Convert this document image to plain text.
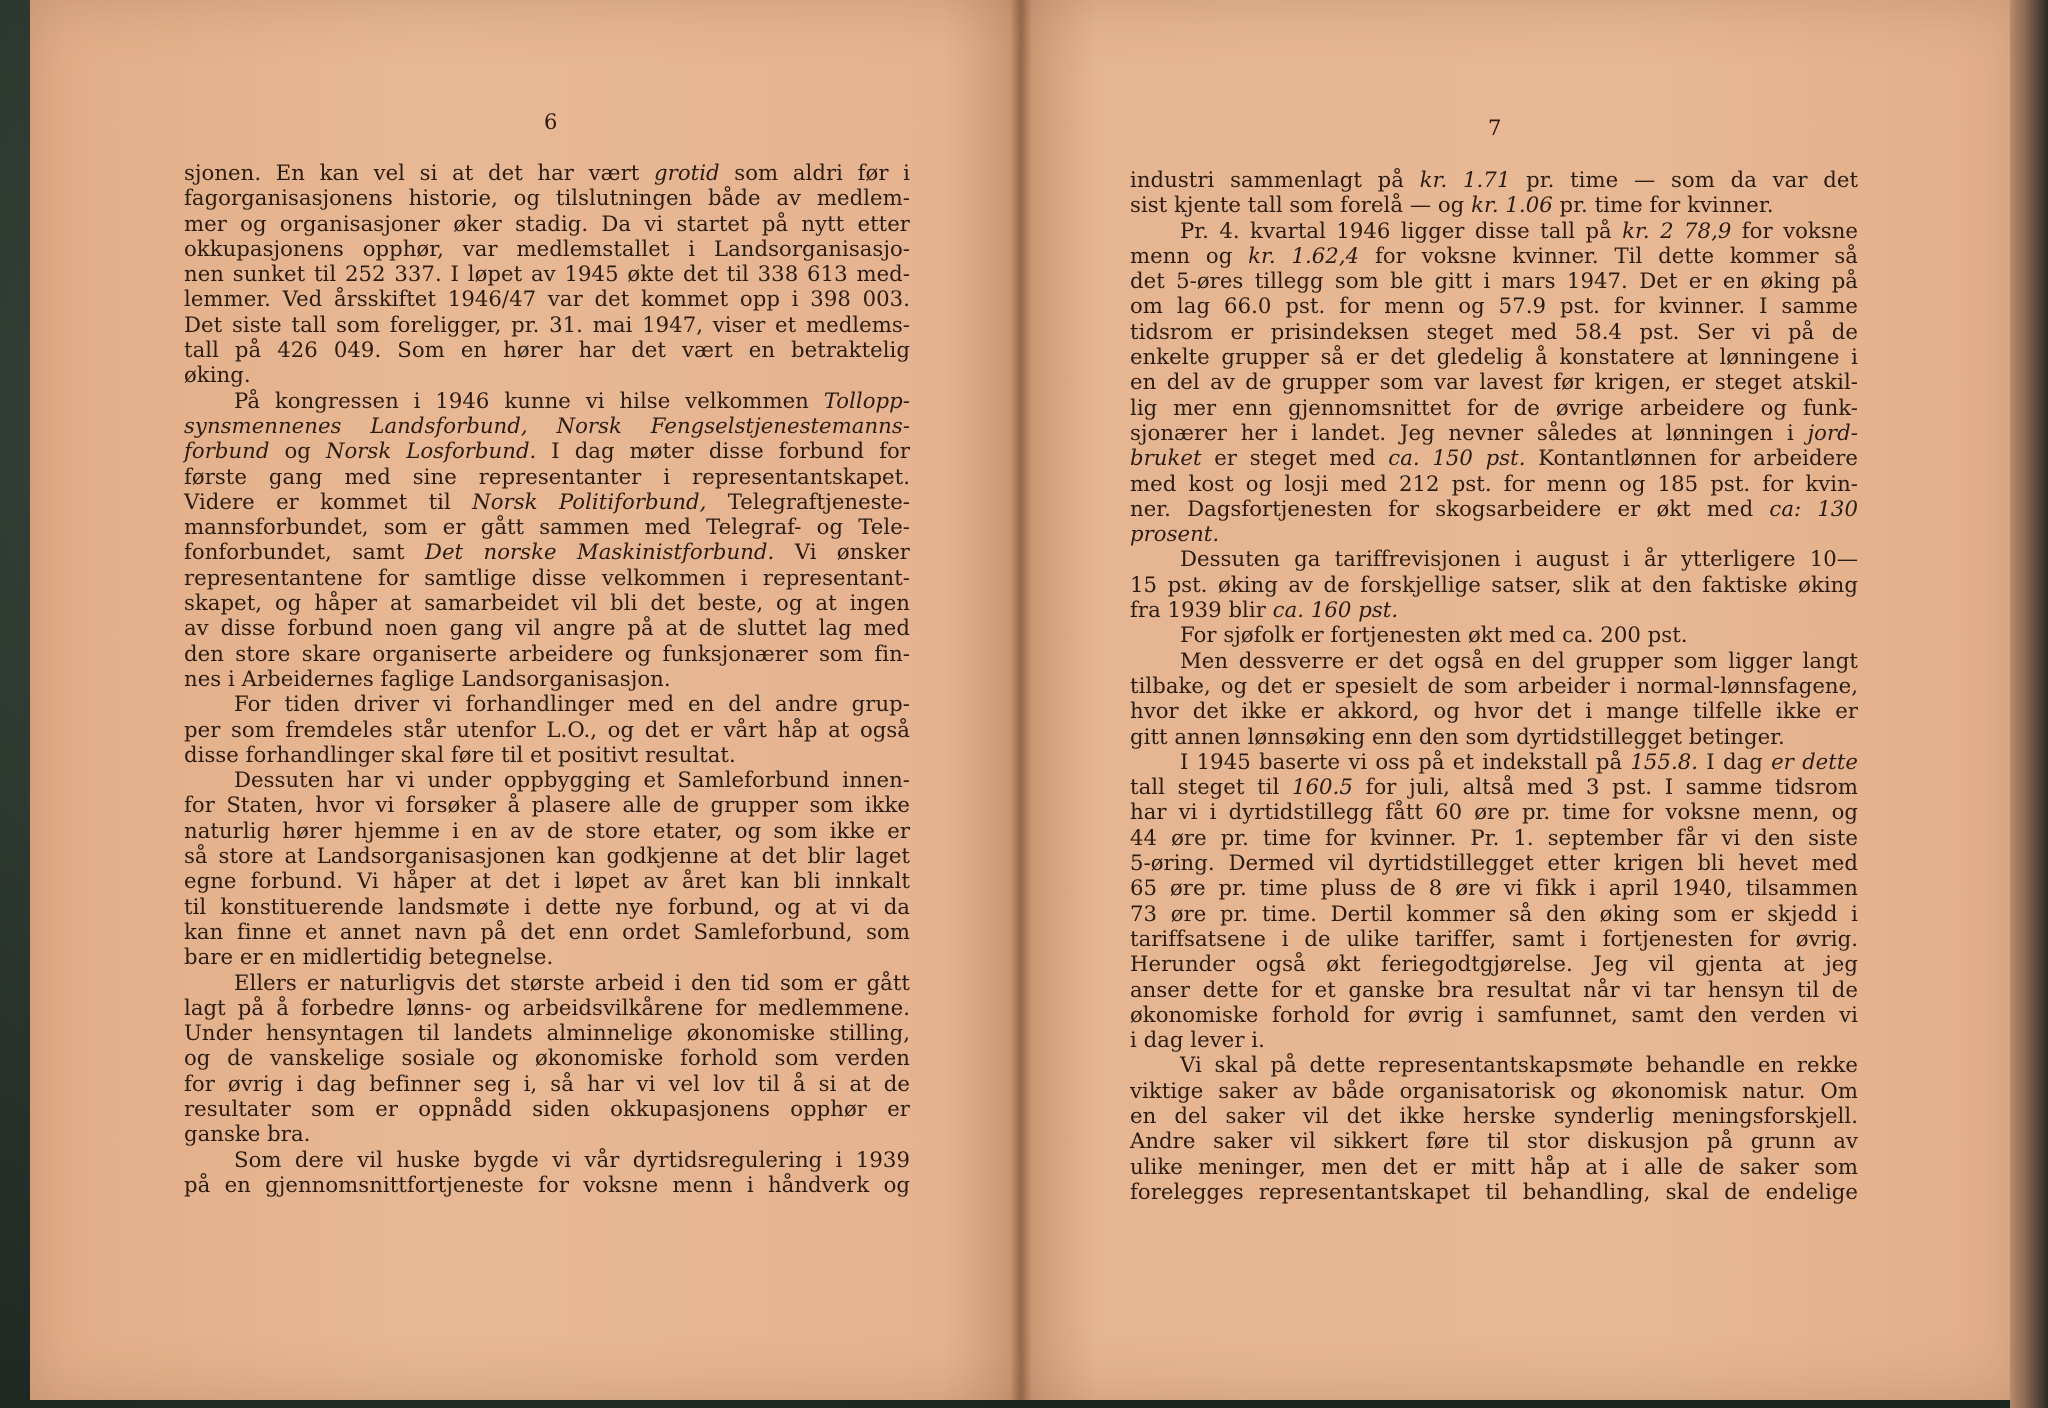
6	7
sjonen. En kan vel si at det har vært grotid som aldri før i
fagorganisasjonens historie, og tilslutningen både av medlem-
mer og organisasjoner øker stadig. Da vi startet på nytt etter
okkupasjonens opphør, var medlemstallet i Landsorganisasjo-
nen sunket til 252 337. I løpet av 1945 økte det til 338 613 med-
lemmer. Ved årsskiftet 1946/47 var det kommet opp i 398 003.
Det siste tall som foreligger, pr. 31. mai 1947, viser et medlems-
tall på 426 049. Som en hører har det vært en betraktelig
øking.
På kongressen i 1946 kunne vi hilse velkommen Tollopp-
synsmennenes Landsforbund, Norsk Fengselstjenestemanns-
forbund og Norsk Losforbund. I dag møter disse forbund for
første gang med sine representanter i representantskapet.
Videre er kommet til Norsk Politiforbund, Telegraftjeneste-
mannsforbundet, som er gått sammen med Telegraf- og Tele-
fonforbundet, samt Det norske Maskinistforbund. Vi ønsker
representantene for samtlige disse velkommen i representant-
skapet, og håper at samarbeidet vil bli det beste, og at ingen
av disse forbund noen gang vil angre på at de sluttet lag med
den store skare organiserte arbeidere og funksjonærer som fin-
nes i Arbeidernes faglige Landsorganisasjon.
For tiden driver vi forhandlinger med en del andre grup-
per som fremdeles står utenfor L.O., og det er vårt håp at også
disse forhandlinger skal føre til et positivt resultat.
Dessuten har vi under oppbygging et Samleforbund innen-
for Staten, hvor vi forsøker å plasere alle de grupper som ikke
naturlig hører hjemme i en av de store etater, og som ikke er
så store at Landsorganisasjonen kan godkjenne at det blir laget
egne forbund. Vi håper at det i løpet av året kan bli innkalt
til konstituerende landsmøte i dette nye forbund, og at vi da
kan finne et annet navn på det enn ordet Samleforbund, som
bare er en midlertidig betegnelse.
Ellers er naturligvis det største arbeid i den tid som er gått
lagt på å forbedre lønns- og arbeidsvilkårene for medlemmene.
Under hensyntagen til landets alminnelige økonomiske stilling,
og de vanskelige sosiale og økonomiske forhold som verden
for øvrig i dag befinner seg i, så har vi vel lov til å si at de
resultater som er oppnådd siden okkupasjonens opphør er
ganske bra.
Som dere vil huske bygde vi vår dyrtidsregulering i 1939
på en gjennomsnittfortjeneste for voksne menn i håndverk og
industri sammenlagt på kr. 1.71 pr. time — som da var det
sist kjente tall som forelå — og kr. 1.06 pr. time for kvinner.
Pr. 4. kvartal 1946 ligger disse tall på kr. 2 78,9 for voksne
menn og kr. 1.62,4 for voksne kvinner. Til dette kommer så
det 5-øres tillegg som ble gitt i mars 1947. Det er en øking på
om lag 66.0 pst. for menn og 57.9 pst. for kvinner. I samme
tidsrom er prisindeksen steget med 58.4 pst. Ser vi på de
enkelte grupper så er det gledelig å konstatere at lønningene i
en del av de grupper som var lavest før krigen, er steget atskil-
lig mer enn gjennomsnittet for de øvrige arbeidere og funk-
sjonærer her i landet. Jeg nevner således at lønningen i jord-
bruket er steget med ca. 150 pst. Kontantlønnen for arbeidere
med kost og losji med 212 pst. for menn og 185 pst. for kvin-
ner. Dagsfortjenesten for skogsarbeidere er økt med ca: 130
prosent.
Dessuten ga tariffrevisjonen i august i år ytterligere 10—
15 pst. øking av de forskjellige satser, slik at den faktiske øking
fra 1939 blir ca. 160 pst.
For sjøfolk er fortjenesten økt med ca. 200 pst.
Men dessverre er det også en del grupper som ligger langt
tilbake, og det er spesielt de som arbeider i normal-lønnsfagene,
hvor det ikke er akkord, og hvor det i mange tilfelle ikke er
gitt annen lønnsøking enn den som dyrtidstillegget betinger.
I 1945 baserte vi oss på et indekstall på 155.8. I dag er dette
tall steget til 160.5 for juli, altså med 3 pst. I samme tidsrom
har vi i dyrtidstillegg fått 60 øre pr. time for voksne menn, og
44 øre pr. time for kvinner. Pr. 1. september får vi den siste
5-øring. Dermed vil dyrtidstillegget etter krigen bli hevet med
65 øre pr. time pluss de 8 øre vi fikk i april 1940, tilsammen
73 øre pr. time. Dertil kommer så den øking som er skjedd i
tariffsatsene i de ulike tariffer, samt i fortjenesten for øvrig.
Herunder også økt feriegodtgjørelse. Jeg vil gjenta at jeg
anser dette for et ganske bra resultat når vi tar hensyn til de
økonomiske forhold for øvrig i samfunnet, samt den verden vi
i dag lever i.
Vi skal på dette representantskapsmøte behandle en rekke
viktige saker av både organisatorisk og økonomisk natur. Om
en del saker vil det ikke herske synderlig meningsforskjell.
Andre saker vil sikkert føre til stor diskusjon på grunn av
ulike meninger, men det er mitt håp at i alle de saker som
forelegges representantskapet til behandling, skal de endelige
